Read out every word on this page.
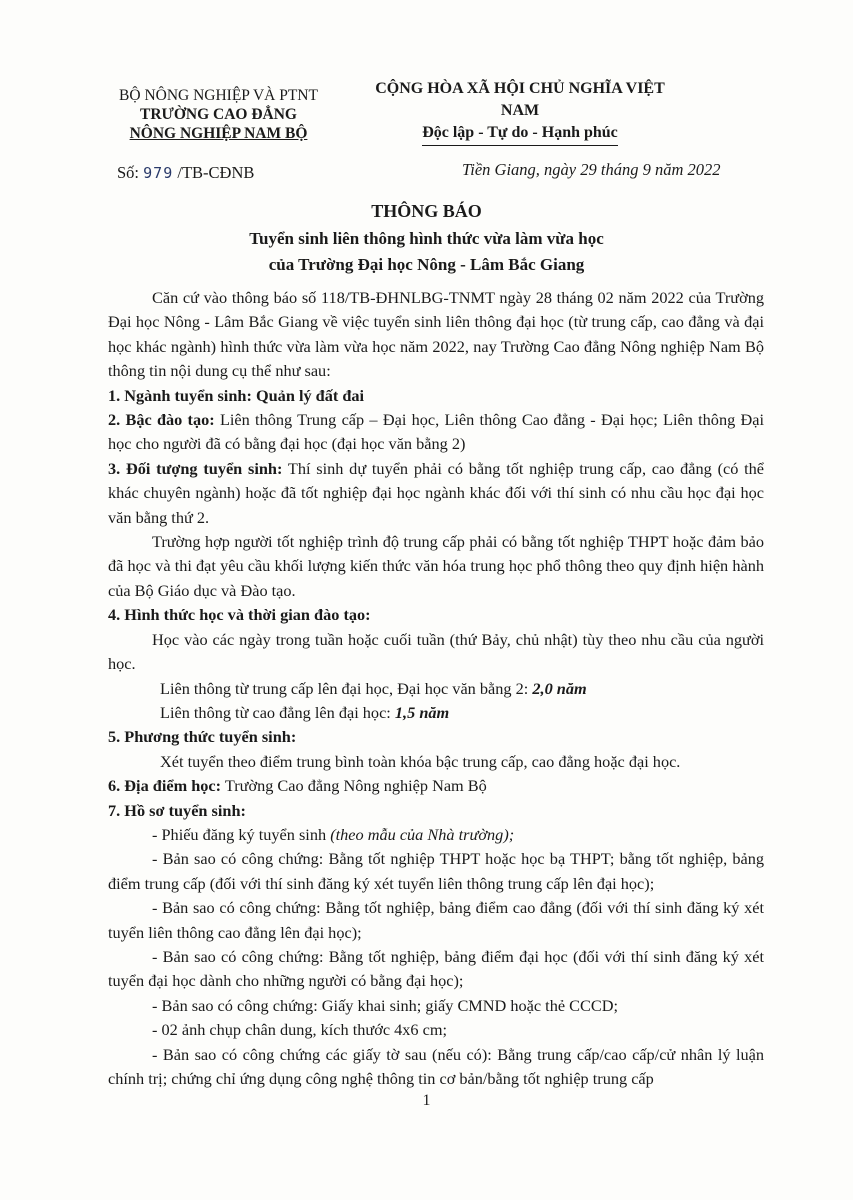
BỘ NÔNG NGHIỆP VÀ PTNT
TRƯỜNG CAO ĐẲNG
NÔNG NGHIỆP NAM BỘ
CỘNG HÒA XÃ HỘI CHỦ NGHĨA VIỆT NAM
Độc lập - Tự do - Hạnh phúc
Số: 979 /TB-CĐNB	Tiền Giang, ngày 29 tháng 9 năm 2022
THÔNG BÁO
Tuyển sinh liên thông hình thức vừa làm vừa học
của Trường Đại học Nông - Lâm Bắc Giang

Căn cứ vào thông báo số 118/TB-ĐHNLBG-TNMT ngày 28 tháng 02 năm 2022 của Trường Đại học Nông - Lâm Bắc Giang về việc tuyển sinh liên thông đại học (từ trung cấp, cao đẳng và đại học khác ngành) hình thức vừa làm vừa học năm 2022, nay Trường Cao đẳng Nông nghiệp Nam Bộ thông tin nội dung cụ thể như sau:

1. Ngành tuyển sinh: Quản lý đất đai

2. Bậc đào tạo: Liên thông Trung cấp – Đại học, Liên thông Cao đẳng - Đại học; Liên thông Đại học cho người đã có bằng đại học (đại học văn bằng 2)

3. Đối tượng tuyển sinh: Thí sinh dự tuyển phải có bằng tốt nghiệp trung cấp, cao đẳng (có thể khác chuyên ngành) hoặc đã tốt nghiệp đại học ngành khác đối với thí sinh có nhu cầu học đại học văn bằng thứ 2.

Trường hợp người tốt nghiệp trình độ trung cấp phải có bằng tốt nghiệp THPT hoặc đảm bảo đã học và thi đạt yêu cầu khối lượng kiến thức văn hóa trung học phổ thông theo quy định hiện hành của Bộ Giáo dục và Đào tạo.

4. Hình thức học và thời gian đào tạo:

Học vào các ngày trong tuần hoặc cuối tuần (thứ Bảy, chủ nhật) tùy theo nhu cầu của người học.

Liên thông từ trung cấp lên đại học, Đại học văn bằng 2: 2,0 năm

Liên thông từ cao đẳng lên đại học: 1,5 năm

5. Phương thức tuyển sinh:

Xét tuyển theo điểm trung bình toàn khóa bậc trung cấp, cao đẳng hoặc đại học.

6. Địa điểm học: Trường Cao đẳng Nông nghiệp Nam Bộ

7. Hồ sơ tuyển sinh:

- Phiếu đăng ký tuyển sinh (theo mẫu của Nhà trường);

- Bản sao có công chứng: Bằng tốt nghiệp THPT hoặc học bạ THPT; bằng tốt nghiệp, bảng điểm trung cấp (đối với thí sinh đăng ký xét tuyển liên thông trung cấp lên đại học);

- Bản sao có công chứng: Bằng tốt nghiệp, bảng điểm cao đẳng (đối với thí sinh đăng ký xét tuyển liên thông cao đẳng lên đại học);

- Bản sao có công chứng: Bằng tốt nghiệp, bảng điểm đại học (đối với thí sinh đăng ký xét tuyển đại học dành cho những người có bằng đại học);

- Bản sao có công chứng: Giấy khai sinh; giấy CMND hoặc thẻ CCCD;

- 02 ảnh chụp chân dung, kích thước 4x6 cm;

- Bản sao có công chứng các giấy tờ sau (nếu có): Bằng trung cấp/cao cấp/cử nhân lý luận chính trị; chứng chỉ ứng dụng công nghệ thông tin cơ bản/bằng tốt nghiệp trung cấp

1
